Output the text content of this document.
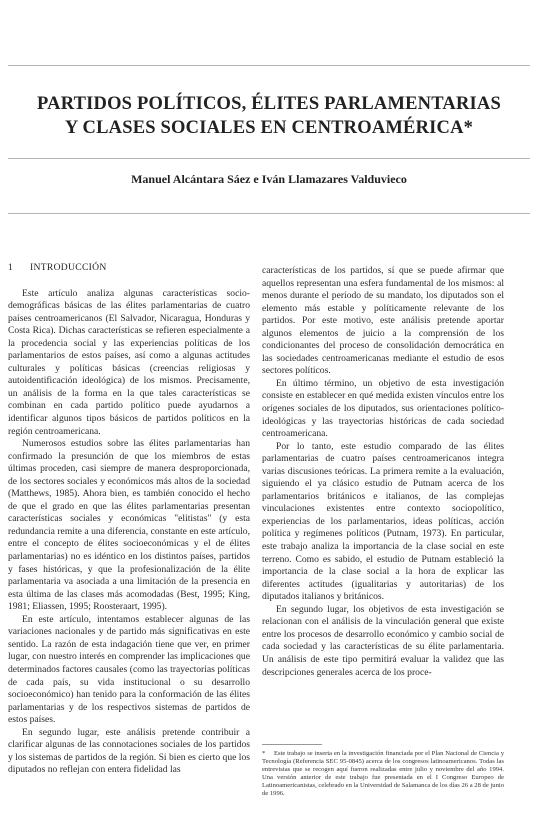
PARTIDOS POLÍTICOS, ÉLITES PARLAMENTARIAS
Y CLASES SOCIALES EN CENTROAMÉRICA*
Manuel Alcántara Sáez e Iván Llamazares Valduvieco
1 INTRODUCCIÓN

Este artículo analiza algunas características socio-demográficas básicas de las élites parlamentarias de cuatro países centroamericanos (El Salvador, Nicaragua, Honduras y Costa Rica). Dichas características se refieren especialmente a la procedencia social y las experiencias políticas de los parlamentarios de estos países, así como a algunas actitudes culturales y políticas básicas (creencias religiosas y autoidentificación ideológica) de los mismos. Precisamente, un análisis de la forma en la que tales características se combinan en cada partido político puede ayudarnos a identificar algunos tipos básicos de partidos políticos en la región centroamericana.

Numerosos estudios sobre las élites parlamentarias han confirmado la presunción de que los miembros de estas últimas proceden, casi siempre de manera desproporcionada, de los sectores sociales y económicos más altos de la sociedad (Matthews, 1985). Ahora bien, es también conocido el hecho de que el grado en que las élites parlamentarias presentan características sociales y económicas "elitistas" (y esta redundancia remite a una diferencia, constante en este artículo, entre el concepto de élites socioeconómicas y el de élites parlamentarias) no es idéntico en los distintos países, partidos y fases históricas, y que la profesionalización de la élite parlamentaria va asociada a una limitación de la presencia en esta última de las clases más acomodadas (Best, 1995; King, 1981; Eliassen, 1995; Roosteraart, 1995).

En este artículo, intentamos establecer algunas de las variaciones nacionales y de partido más significativas en este sentido. La razón de esta indagación tiene que ver, en primer lugar, con nuestro interés en comprender las implicaciones que determinados factores causales (como las trayectorias políticas de cada país, su vida institucional o su desarrollo socioeconómico) han tenido para la conformación de las élites parlamentarias y de los respectivos sistemas de partidos de estos países.

En segundo lugar, este análisis pretende contribuir a clarificar algunas de las connotaciones sociales de los partidos y los sistemas de partidos de la región. Si bien es cierto que los diputados no reflejan con entera fidelidad las

características de los partidos, sí que se puede afirmar que aquellos representan una esfera fundamental de los mismos: al menos durante el período de su mandato, los diputados son el elemento más estable y políticamente relevante de los partidos. Por este motivo, este análisis pretende aportar algunos elementos de juicio a la comprensión de los condicionantes del proceso de consolidación democrática en las sociedades centroamericanas mediante el estudio de esos sectores políticos.

En último término, un objetivo de esta investigación consiste en establecer en qué medida existen vínculos entre los orígenes sociales de los diputados, sus orientaciones político-ideológicas y las trayectorias históricas de cada sociedad centroamericana.

Por lo tanto, este estudio comparado de las élites parlamentarias de cuatro países centroamericanos integra varias discusiones teóricas. La primera remite a la evaluación, siguiendo el ya clásico estudio de Putnam acerca de los parlamentarios británicos e italianos, de las complejas vinculaciones existentes entre contexto sociopolítico, experiencias de los parlamentarios, ideas políticas, acción política y regímenes políticos (Putnam, 1973). En particular, este trabajo analiza la importancia de la clase social en este terreno. Como es sabido, el estudio de Putnam estableció la importancia de la clase social a la hora de explicar las diferentes actitudes (igualitarias y autoritarias) de los diputados italianos y británicos.

En segundo lugar, los objetivos de esta investigación se relacionan con el análisis de la vinculación general que existe entre los procesos de desarrollo económico y cambio social de cada sociedad y las características de su élite parlamentaria. Un análisis de este tipo permitirá evaluar la validez que las descripciones generales acerca de los proce-

* Este trabajo se inserta en la investigación financiada por el Plan Nacional de Ciencia y Tecnología (Referencia SEC 95-0845) acerca de los congresos latinoamericanos. Todas las entrevistas que se recogen aquí fueron realizadas entre julio y noviembre del año 1994. Una versión anterior de este trabajo fue presentada en el I Congreso Europeo de Latinoamericanistas, celebrado en la Universidad de Salamanca de los días 26 a 28 de junio de 1996.
